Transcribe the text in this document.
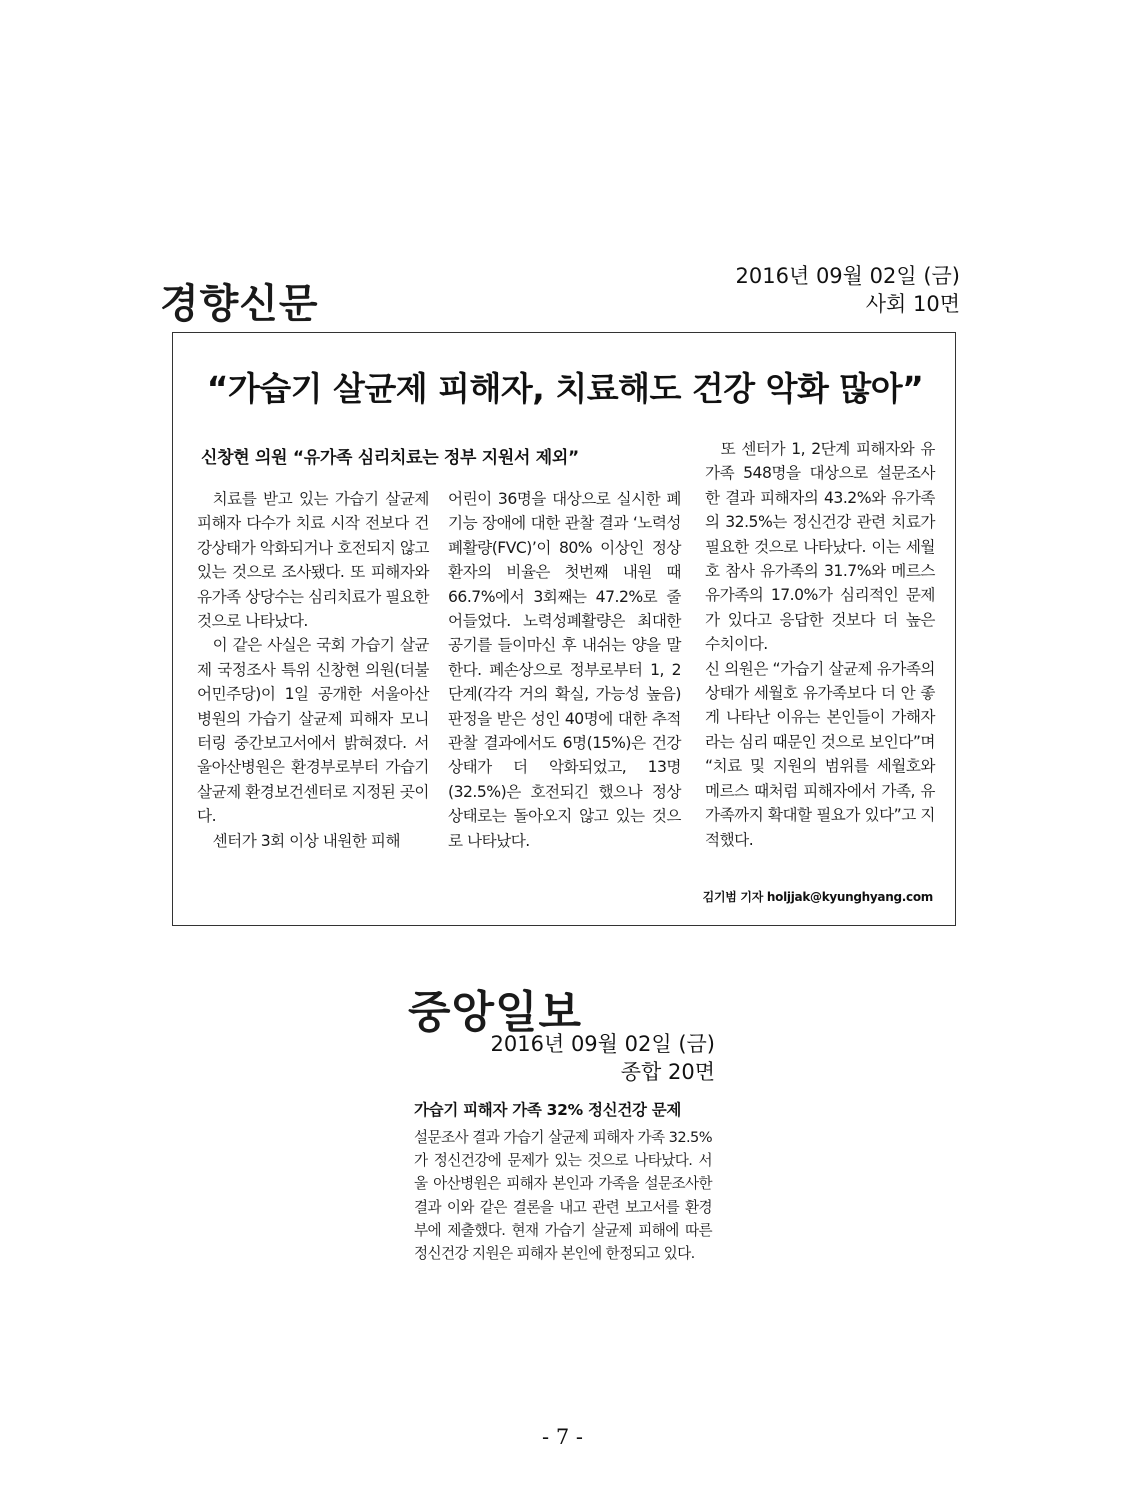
경향신문
2016년 09월 02일 (금)
사회 10면
“가습기 살균제 피해자, 치료해도 건강 악화 많아”
신창현 의원 “유가족 심리치료는 정부 지원서 제외”

치료를 받고 있는 가습기 살균제 피해자 다수가 치료 시작 전보다 건강상태가 악화되거나 호전되지 않고 있는 것으로 조사됐다. 또 피해자와 유가족 상당수는 심리치료가 필요한 것으로 나타났다.

이 같은 사실은 국회 가습기 살균제 국정조사 특위 신창현 의원(더불어민주당)이 1일 공개한 서울아산병원의 가습기 살균제 피해자 모니터링 중간보고서에서 밝혀졌다. 서울아산병원은 환경부로부터 가습기 살균제 환경보건센터로 지정된 곳이다.

센터가 3회 이상 내원한 피해

어린이 36명을 대상으로 실시한 폐기능 장애에 대한 관찰 결과 ‘노력성폐활량(FVC)’이 80% 이상인 정상 환자의 비율은 첫번째 내원 때 66.7%에서 3회째는 47.2%로 줄어들었다. 노력성폐활량은 최대한 공기를 들이마신 후 내쉬는 양을 말한다. 폐손상으로 정부로부터 1, 2단계(각각 거의 확실, 가능성 높음) 판정을 받은 성인 40명에 대한 추적관찰 결과에서도 6명(15%)은 건강상태가 더 악화되었고, 13명(32.5%)은 호전되긴 했으나 정상 상태로는 돌아오지 않고 있는 것으로 나타났다.

또 센터가 1, 2단계 피해자와 유가족 548명을 대상으로 설문조사한 결과 피해자의 43.2%와 유가족의 32.5%는 정신건강 관련 치료가 필요한 것으로 나타났다. 이는 세월호 참사 유가족의 31.7%와 메르스 유가족의 17.0%가 심리적인 문제가 있다고 응답한 것보다 더 높은 수치이다.

신 의원은 “가습기 살균제 유가족의 상태가 세월호 유가족보다 더 안 좋게 나타난 이유는 본인들이 가해자라는 심리 때문인 것으로 보인다”며 “치료 및 지원의 범위를 세월호와 메르스 때처럼 피해자에서 가족, 유가족까지 확대할 필요가 있다”고 지적했다.

김기범 기자 holjjak@kyunghyang.com
중앙일보
2016년 09월 02일 (금)
종합 20면
가습기 피해자 가족 32% 정신건강 문제

설문조사 결과 가습기 살균제 피해자 가족 32.5%가 정신건강에 문제가 있는 것으로 나타났다. 서울 아산병원은 피해자 본인과 가족을 설문조사한 결과 이와 같은 결론을 내고 관련 보고서를 환경부에 제출했다. 현재 가습기 살균제 피해에 따른 정신건강 지원은 피해자 본인에 한정되고 있다.

- 7 -
